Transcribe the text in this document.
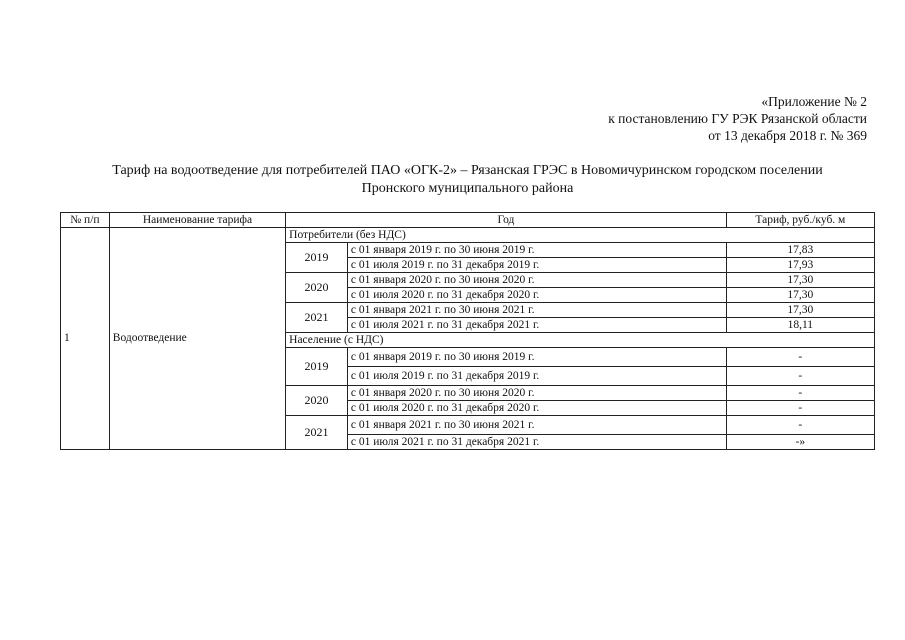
«Приложение № 2
к постановлению ГУ РЭК Рязанской области
от 13 декабря 2018 г. № 369
Тариф на водоотведение для потребителей ПАО «ОГК-2» – Рязанская ГРЭС в Новомичуринском городском поселении
Пронского муниципального района
№ п/п	Наименование тарифа	Год		Тариф, руб./куб. м
1	Водоотведение	Потребители (без НДС)		
		2019	с 01 января 2019 г. по 30 июня 2019 г.	17,83
			с 01 июля 2019 г. по 31 декабря 2019 г.	17,93
		2020	с 01 января 2020 г. по 30 июня 2020 г.	17,30
			с 01 июля 2020 г. по 31 декабря 2020 г.	17,30
		2021	с 01 января 2021 г. по 30 июня 2021 г.	17,30
			с 01 июля 2021 г. по 31 декабря 2021 г.	18,11
		Население (с НДС)		
		2019	с 01 января 2019 г. по 30 июня 2019 г.	-
			с 01 июля 2019 г. по 31 декабря 2019 г.	-
		2020	с 01 января 2020 г. по 30 июня 2020 г.	-
			с 01 июля 2020 г. по 31 декабря 2020 г.	-
		2021	с 01 января 2021 г. по 30 июня 2021 г.	-
			с 01 июля 2021 г. по 31 декабря 2021 г.	-»
